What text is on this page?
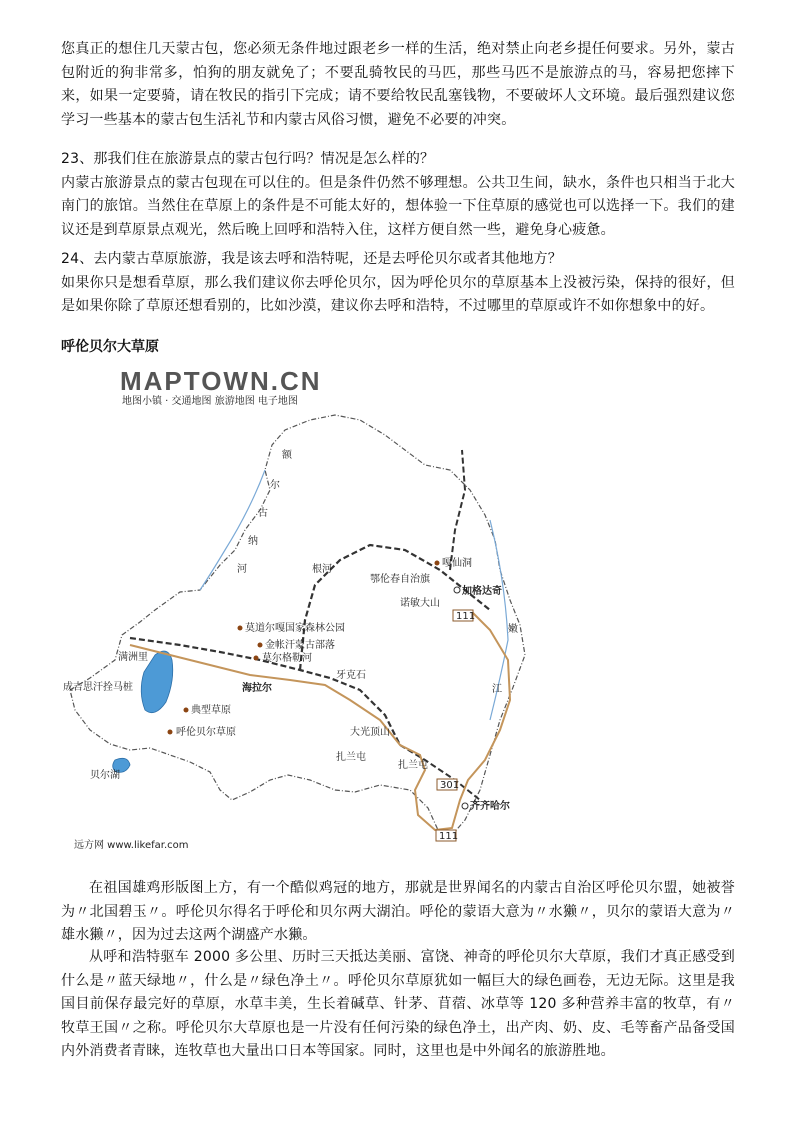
您真正的想住几天蒙古包，您必须无条件地过跟老乡一样的生活，绝对禁止向老乡提任何要求。另外，蒙古包附近的狗非常多，怕狗的朋友就免了；不要乱骑牧民的马匹，那些马匹不是旅游点的马，容易把您摔下来，如果一定要骑，请在牧民的指引下完成；请不要给牧民乱塞钱物，不要破坏人文环境。最后强烈建议您学习一些基本的蒙古包生活礼节和内蒙古风俗习惯，避免不必要的冲突。

23、那我们住在旅游景点的蒙古包行吗？情况是怎么样的？
内蒙古旅游景点的蒙古包现在可以住的。但是条件仍然不够理想。公共卫生间，缺水，条件也只相当于北大南门的旅馆。当然住在草原上的条件是不可能太好的，想体验一下住草原的感觉也可以选择一下。我们的建议还是到草原景点观光，然后晚上回呼和浩特入住，这样方便自然一些，避免身心疲惫。
24、去内蒙古草原旅游，我是该去呼和浩特呢，还是去呼伦贝尔或者其他地方？
如果你只是想看草原，那么我们建议你去呼伦贝尔，因为呼伦贝尔的草原基本上没被污染，保持的很好，但是如果你除了草原还想看别的，比如沙漠，建议你去呼和浩特，不过哪里的草原或许不如你想象中的好。
呼伦贝尔大草原
MAPTOWN.CN
地图小镇 · 交通地图 旅游地图 电子地图
额
尔
古
纳
河
嘎仙洞
根河
鄂伦春自治旗
加格达奇
诺敏大山
莫道尔嘎国家森林公园
金帐汗蒙古部落
莫尔格勒河
满洲里
牙克石
海拉尔
成吉思汗拴马桩
典型草原
呼伦贝尔草原
贝尔湖
大光顶山
扎兰屯
扎兰屯
齐齐哈尔
嫩
江
111
301
111
远方网 www.likefar.com

在祖国雄鸡形版图上方，有一个酷似鸡冠的地方，那就是世界闻名的内蒙古自治区呼伦贝尔盟，她被誉为〃北国碧玉〃。呼伦贝尔得名于呼伦和贝尔两大湖泊。呼伦的蒙语大意为〃水獭〃，贝尔的蒙语大意为〃雄水獭〃，因为过去这两个湖盛产水獭。

从呼和浩特驱车 2000 多公里、历时三天抵达美丽、富饶、神奇的呼伦贝尔大草原，我们才真正感受到什么是〃蓝天绿地〃，什么是〃绿色净土〃。呼伦贝尔草原犹如一幅巨大的绿色画卷，无边无际。这里是我国目前保存最完好的草原，水草丰美，生长着碱草、针茅、苜蓿、冰草等 120 多种营养丰富的牧草，有〃牧草王国〃之称。呼伦贝尔大草原也是一片没有任何污染的绿色净土，出产肉、奶、皮、毛等畜产品备受国内外消费者青睐，连牧草也大量出口日本等国家。同时，这里也是中外闻名的旅游胜地。
